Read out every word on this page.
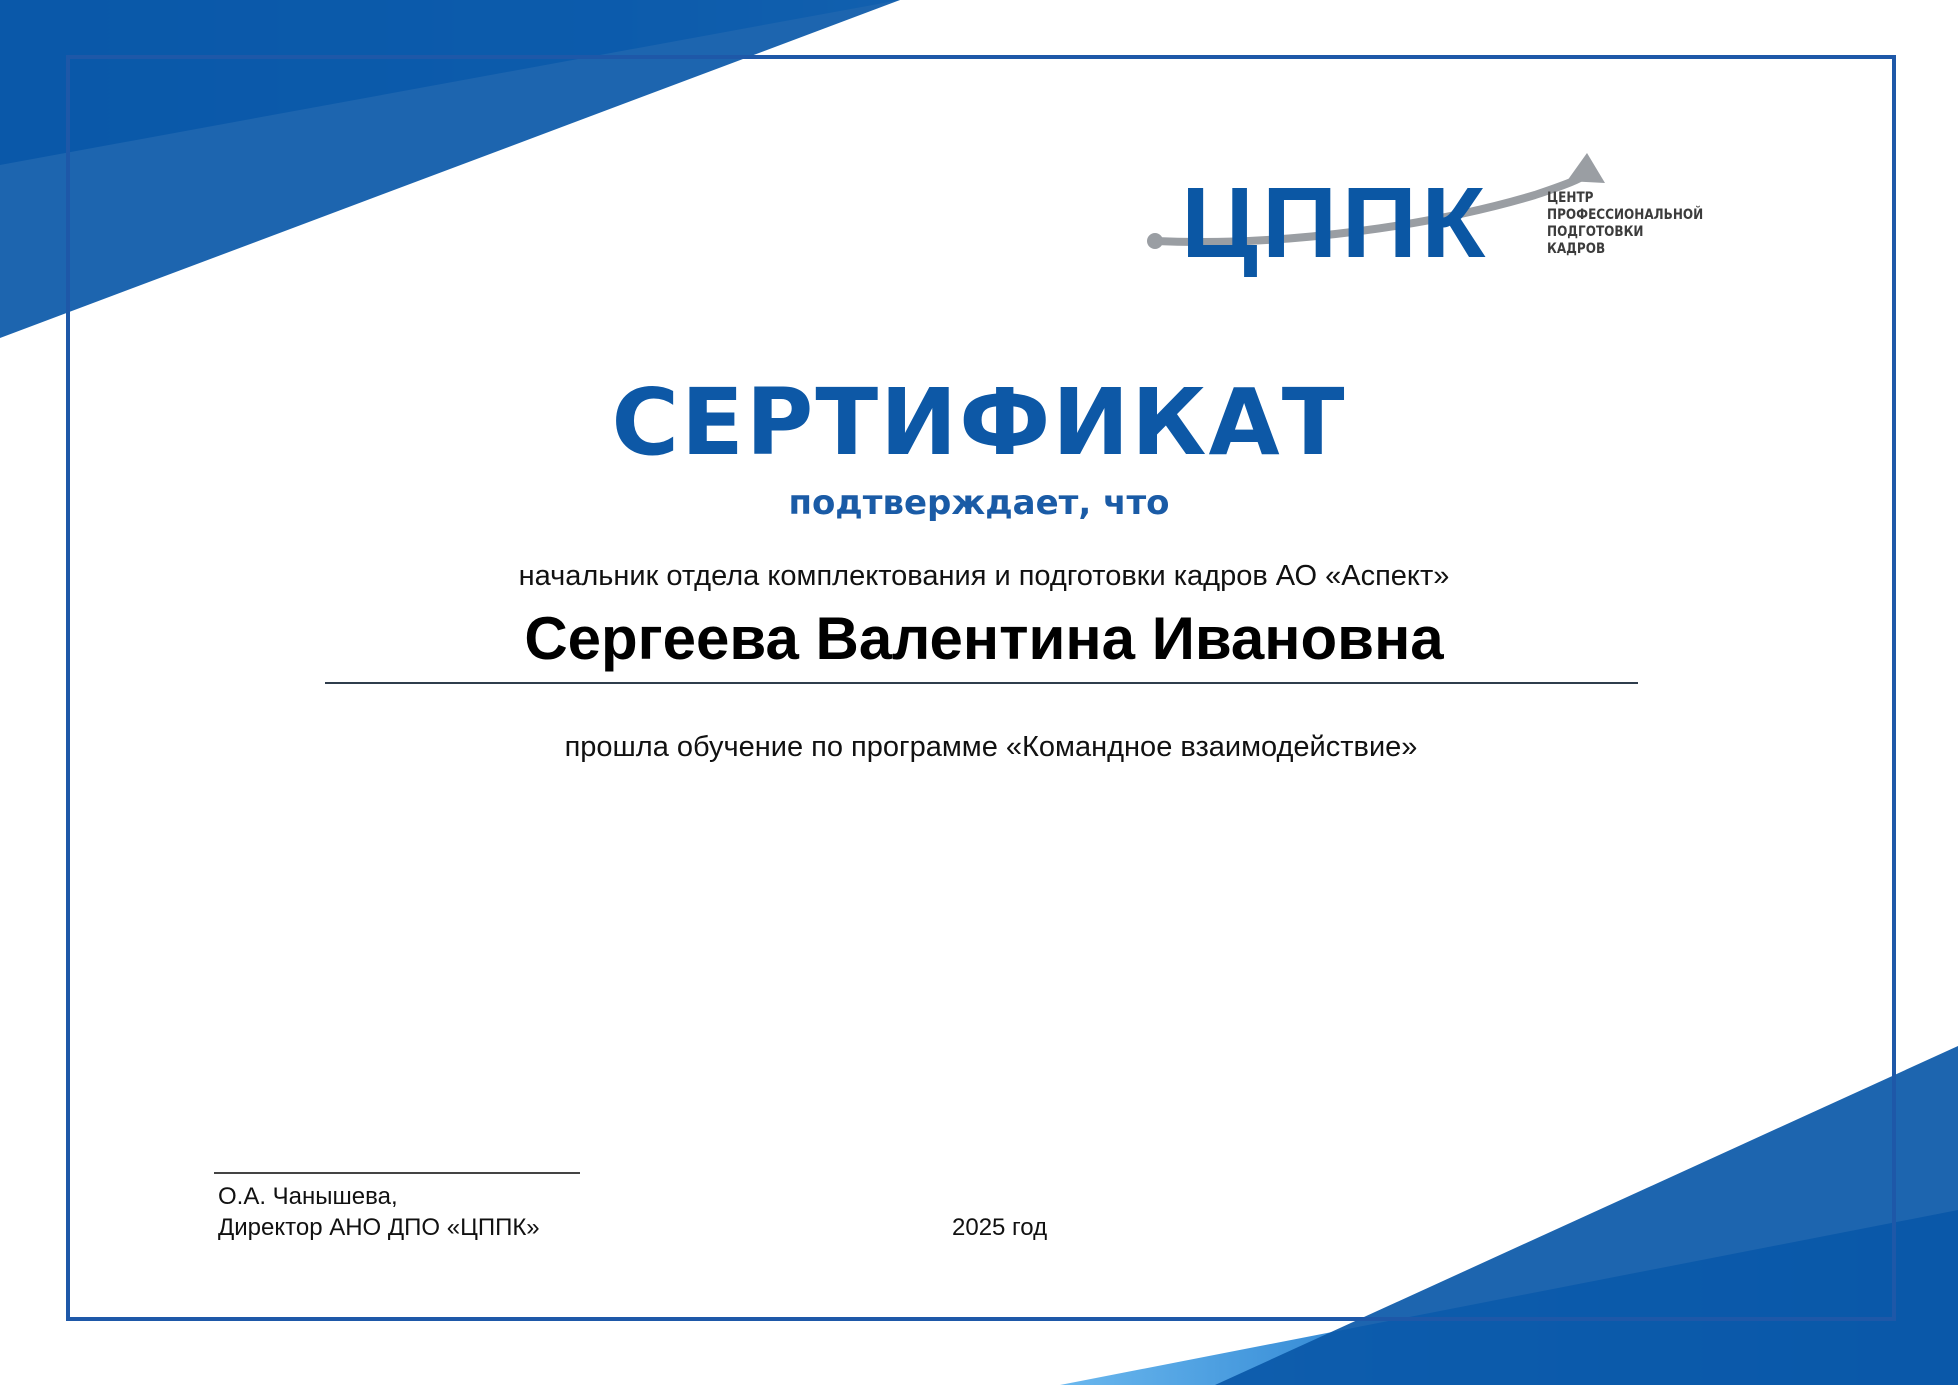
ЦППК	ЦЕНТР
ПРОФЕССИОНАЛЬНОЙ
ПОДГОТОВКИ
КАДРОВ
СЕРТИФИКАТ
подтверждает, что
начальник отдела комплектования и подготовки кадров АО «Аспект»
Сергеева Валентина Ивановна
прошла обучение по программе «Командное взаимодействие»
О.А. Чанышева,
Директор АНО ДПО «ЦППК»	2025 год
